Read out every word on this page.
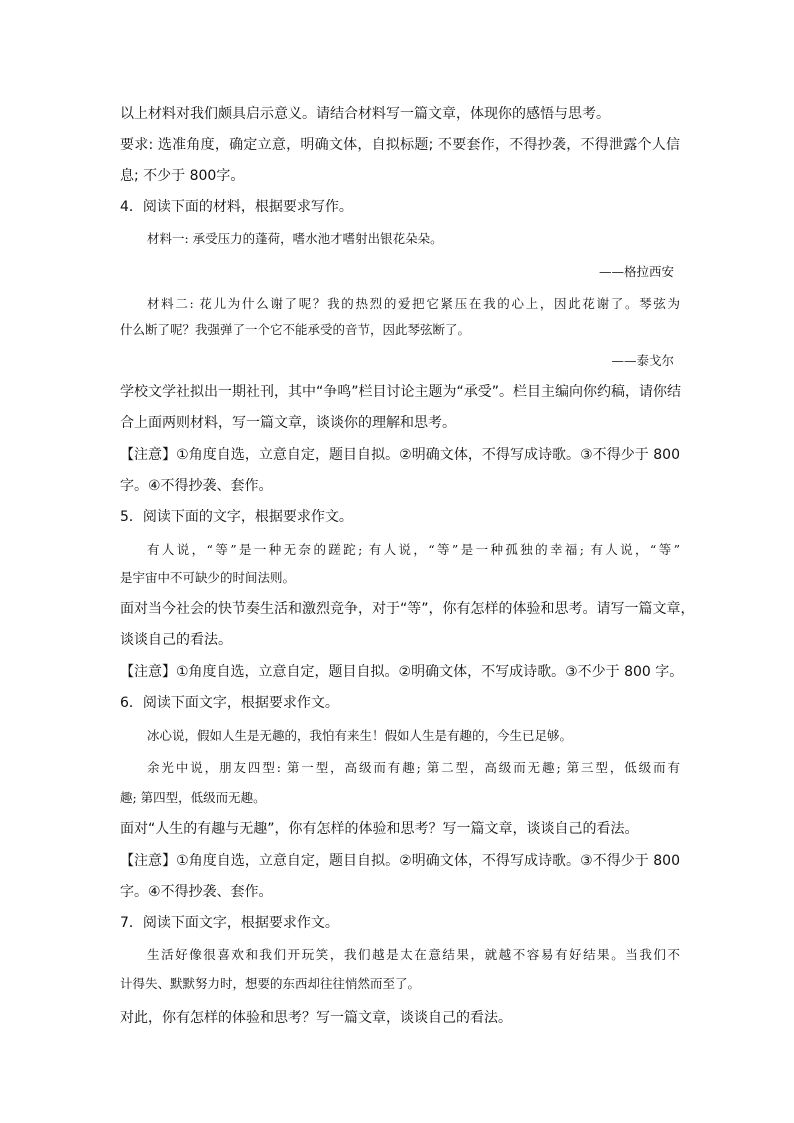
以上材料对我们颇具启示意义。请结合材料写一篇文章，体现你的感悟与思考。
要求: 选准角度，确定立意，明确文体，自拟标题; 不要套作，不得抄袭，不得泄露个人信
息; 不少于 800字。
4．阅读下面的材料，根据要求写作。
材料一: 承受压力的蓬荷，嗜水池才嗜射出银花朵朵。
——格拉西安
材料二: 花儿为什么谢了呢？我的热烈的爱把它紧压在我的心上，因此花谢了。琴弦为
什么断了呢？我强弹了一个它不能承受的音节，因此琴弦断了。
——泰戈尔
学校文学社拟出一期社刊，其中“争鸣”栏目讨论主题为“承受”。栏目主编向你约稿，请你结
合上面两则材料，写一篇文章，谈谈你的理解和思考。
【注意】①角度自选，立意自定，题目自拟。②明确文体，不得写成诗歌。③不得少于 800
字。④不得抄袭、套作。
5．阅读下面的文字，根据要求作文。
有人说，“等”是一种无奈的蹉跎; 有人说，“等”是一种孤独的幸福; 有人说，“等”
是宇宙中不可缺少的时间法则。
面对当今社会的快节奏生活和激烈竞争，对于“等”，你有怎样的体验和思考。请写一篇文章，
谈谈自己的看法。
【注意】①角度自选，立意自定，题目自拟。②明确文体，不写成诗歌。③不少于 800 字。
6．阅读下面文字，根据要求作文。
冰心说，假如人生是无趣的，我怕有来生！假如人生是有趣的，今生已足够。
余光中说，朋友四型: 第一型，高级而有趣; 第二型，高级而无趣; 第三型，低级而有
趣; 第四型，低级而无趣。
面对“人生的有趣与无趣”，你有怎样的体验和思考？写一篇文章，谈谈自己的看法。
【注意】①角度自选，立意自定，题目自拟。②明确文体，不得写成诗歌。③不得少于 800
字。④不得抄袭、套作。
7．阅读下面文字，根据要求作文。
生活好像很喜欢和我们开玩笑，我们越是太在意结果，就越不容易有好结果。当我们不
计得失、默默努力时，想要的东西却往往悄然而至了。
对此，你有怎样的体验和思考？写一篇文章，谈谈自己的看法。
